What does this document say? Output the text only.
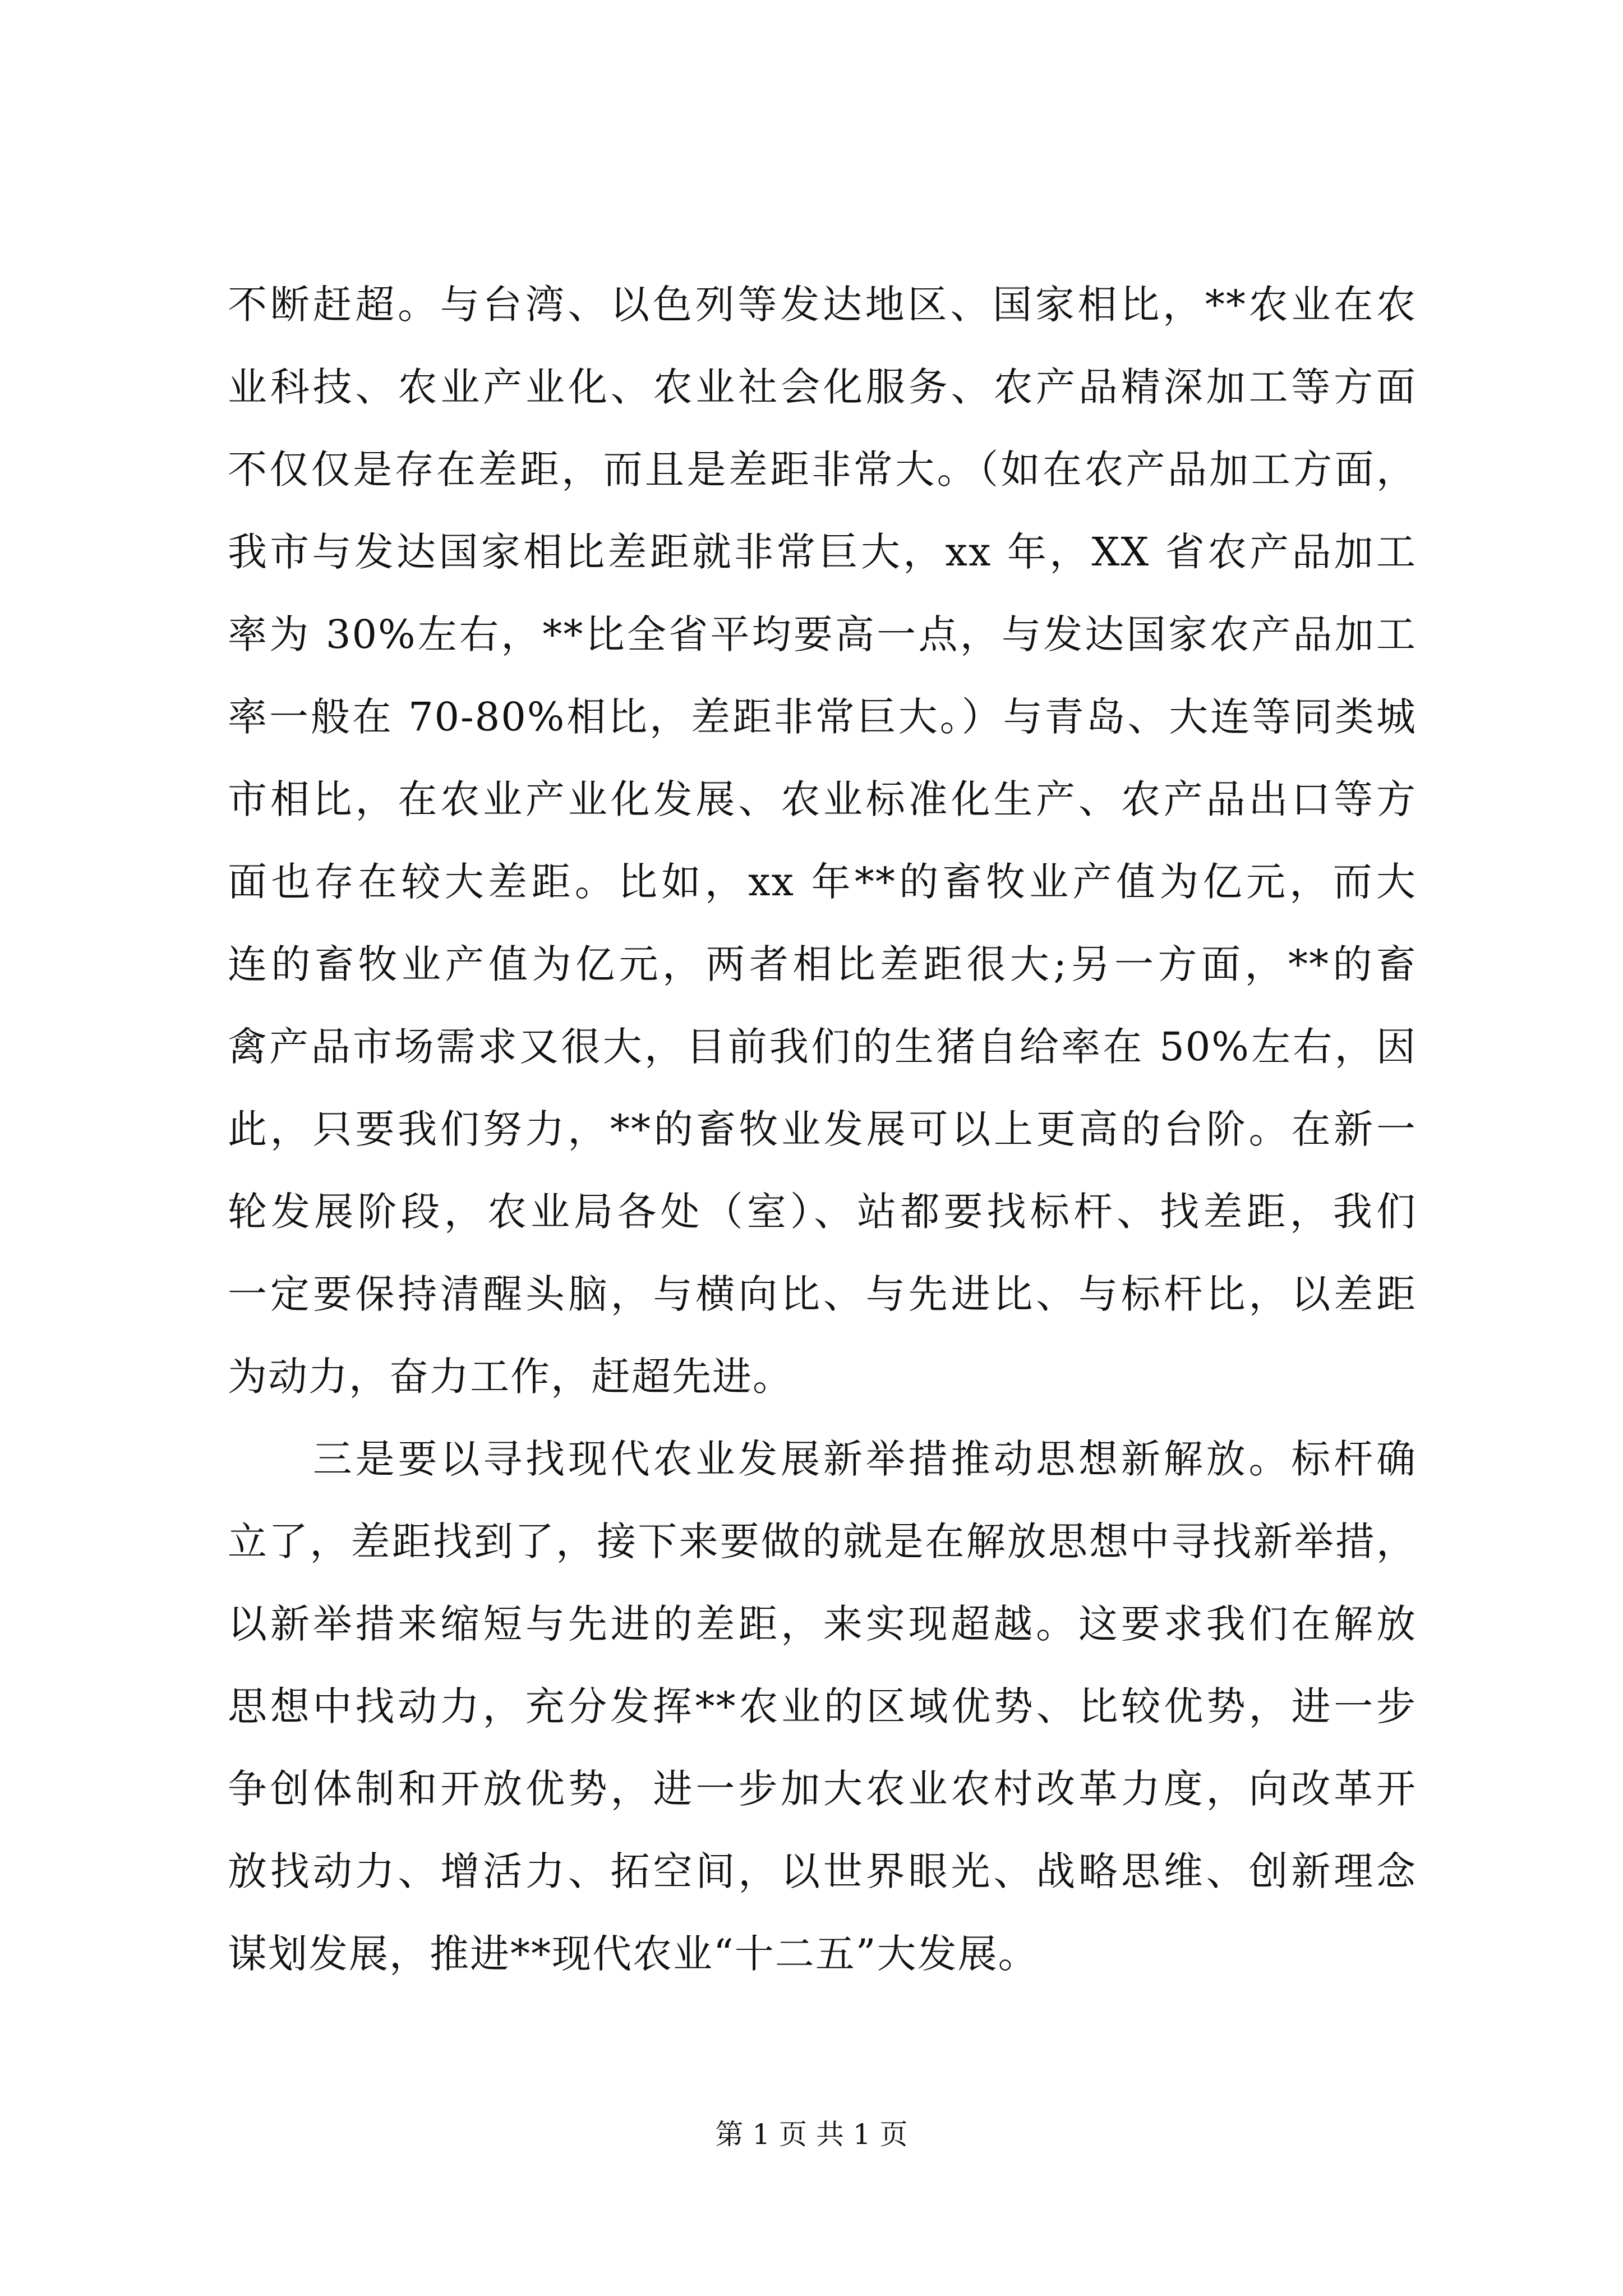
不断赶超。与台湾、以色列等发达地区、国家相比，**农业在农
业科技、农业产业化、农业社会化服务、农产品精深加工等方面
不仅仅是存在差距，而且是差距非常大。（如在农产品加工方面，
我市与发达国家相比差距就非常巨大，xx 年，XX 省农产品加工
率为 30%左右，**比全省平均要高一点，与发达国家农产品加工
率一般在 70-80%相比，差距非常巨大。）与青岛、大连等同类城
市相比，在农业产业化发展、农业标准化生产、农产品出口等方
面也存在较大差距。比如，xx 年**的畜牧业产值为亿元，而大
连的畜牧业产值为亿元，两者相比差距很大;另一方面，**的畜
禽产品市场需求又很大，目前我们的生猪自给率在 50%左右，因
此，只要我们努力，**的畜牧业发展可以上更高的台阶。在新一
轮发展阶段，农业局各处（室）、站都要找标杆、找差距，我们
一定要保持清醒头脑，与横向比、与先进比、与标杆比，以差距
为动力，奋力工作，赶超先进。
　　三是要以寻找现代农业发展新举措推动思想新解放。标杆确
立了，差距找到了，接下来要做的就是在解放思想中寻找新举措，
以新举措来缩短与先进的差距，来实现超越。这要求我们在解放
思想中找动力，充分发挥**农业的区域优势、比较优势，进一步
争创体制和开放优势，进一步加大农业农村改革力度，向改革开
放找动力、增活力、拓空间，以世界眼光、战略思维、创新理念
谋划发展，推进**现代农业“十二五”大发展。
第 1 页 共 1 页
